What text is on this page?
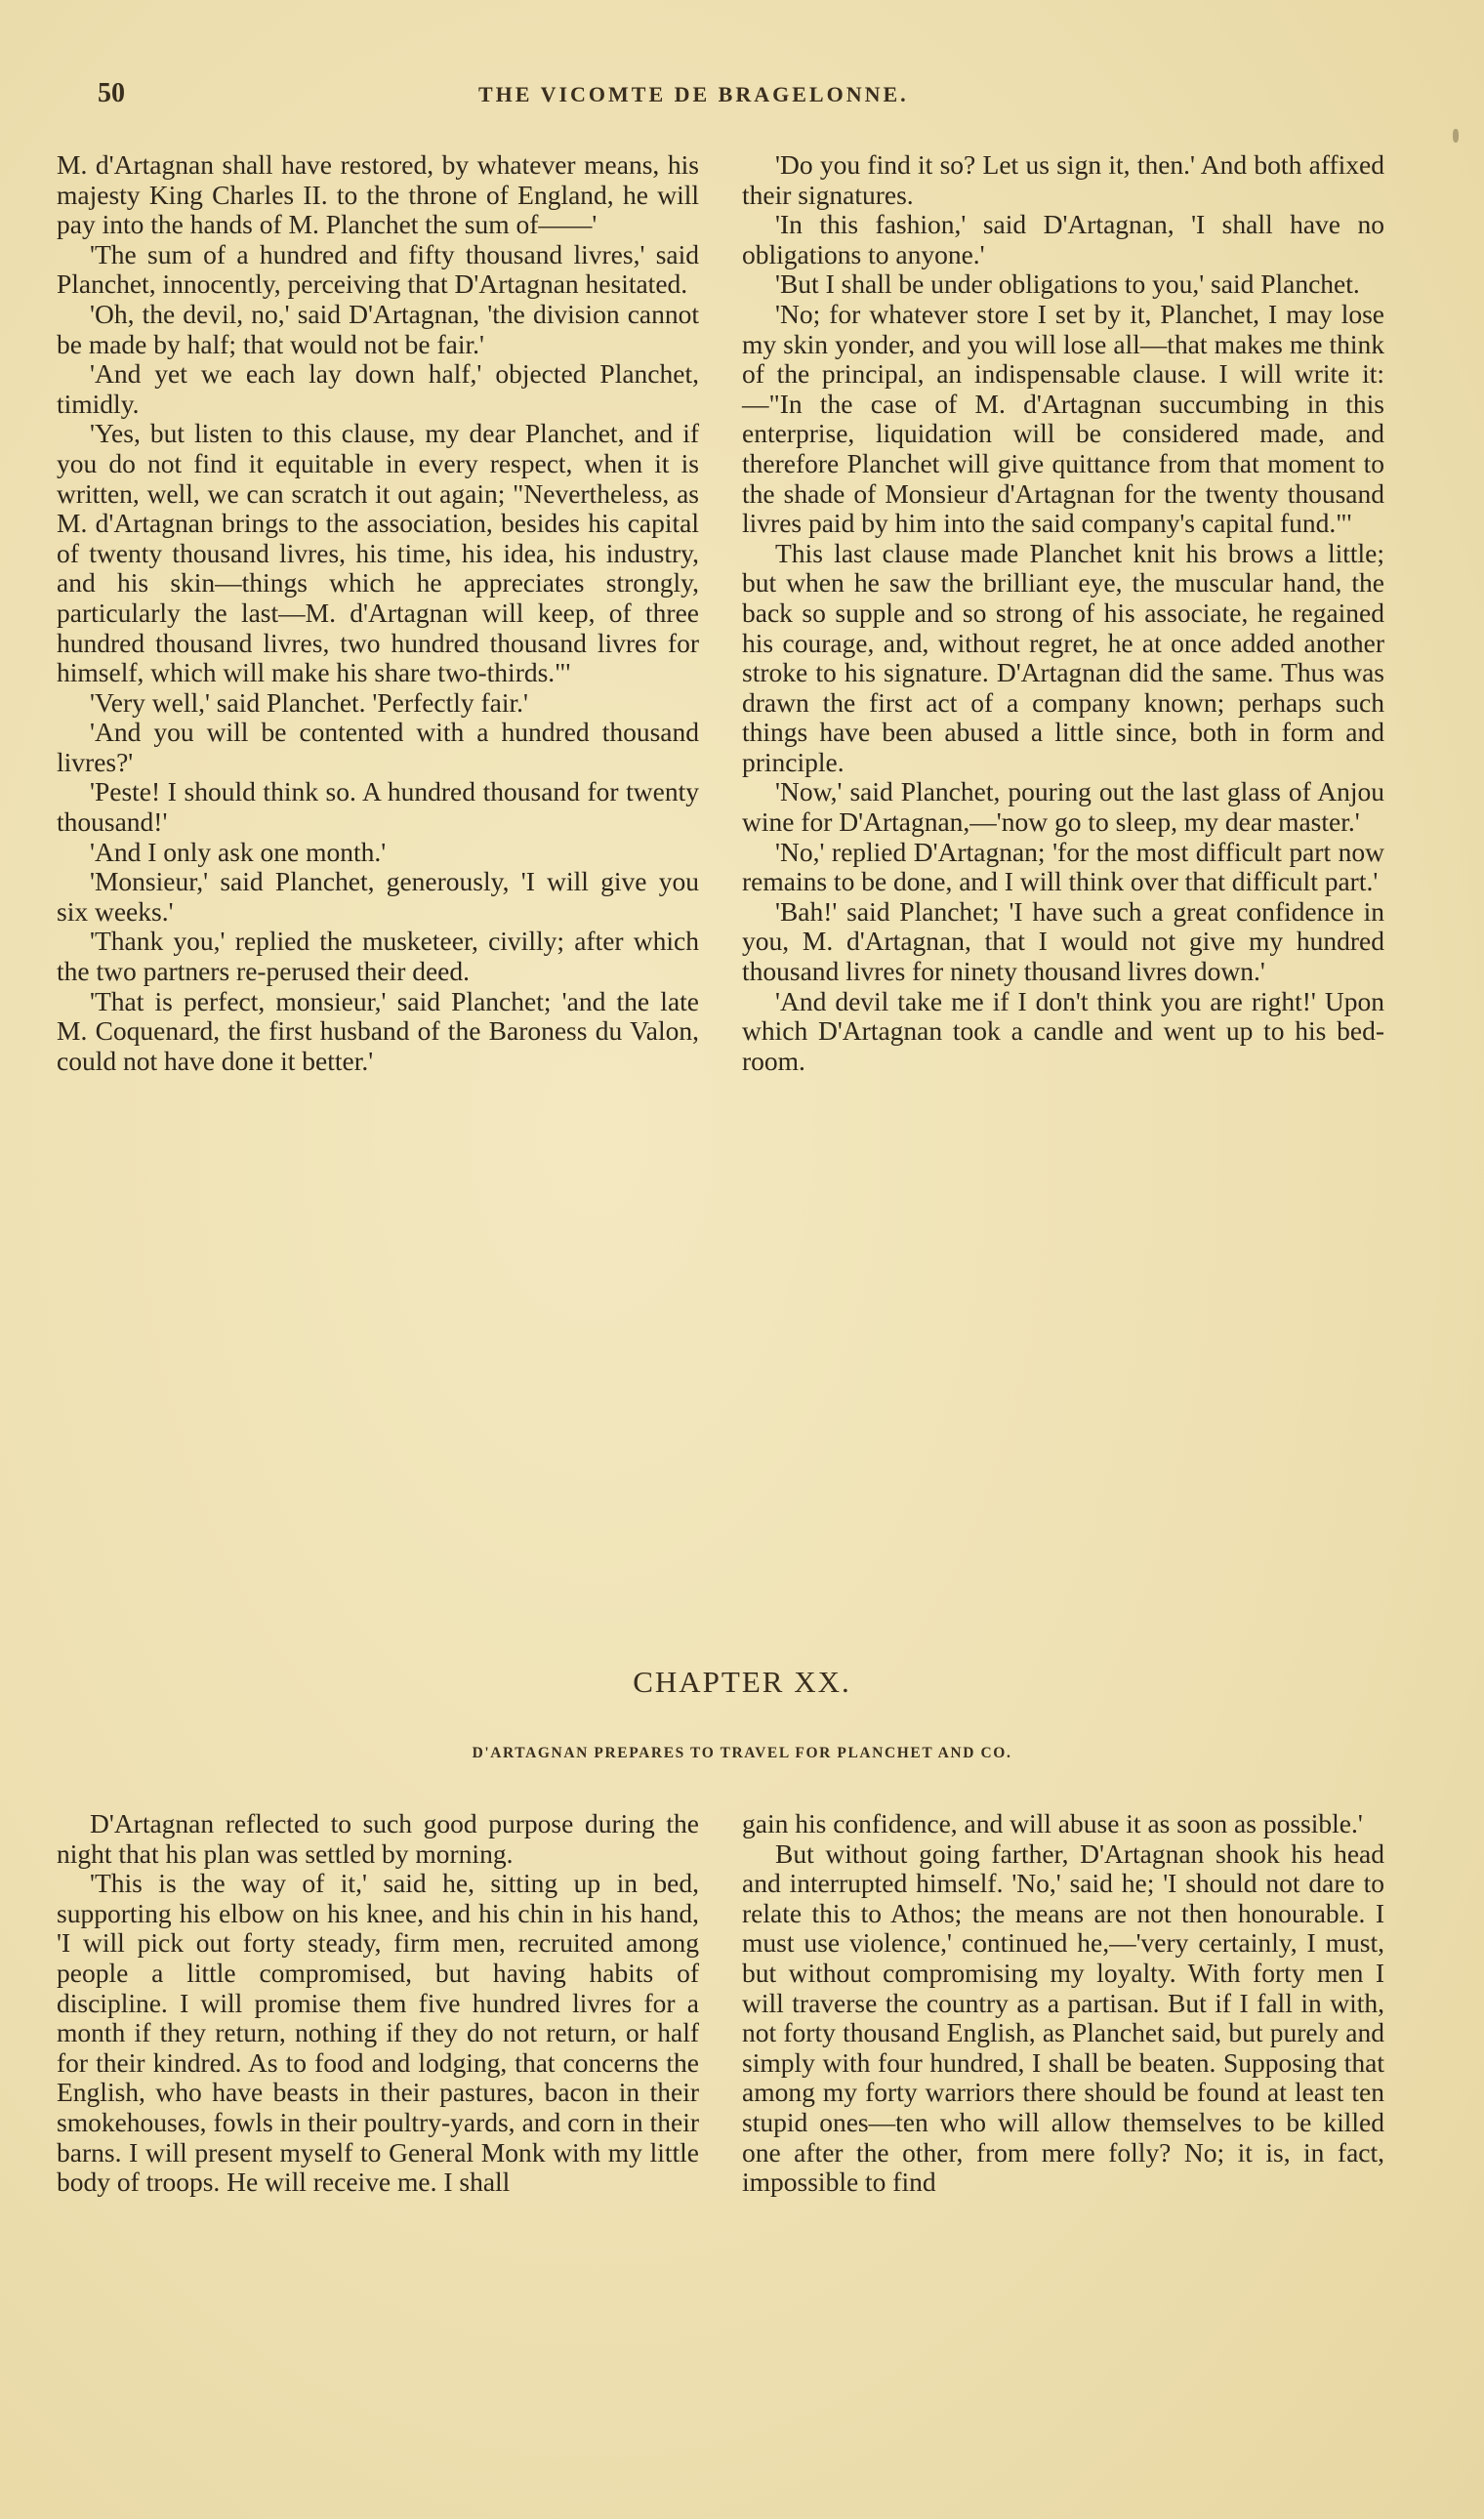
50	THE VICOMTE DE BRAGELONNE.

M. d'Artagnan shall have restored, by whatever means, his majesty King Charles II. to the throne of England, he will pay into the hands of M. Planchet the sum of——'

'The sum of a hundred and fifty thousand livres,' said Planchet, innocently, perceiving that D'Artagnan hesitated.

'Oh, the devil, no,' said D'Artagnan, 'the division cannot be made by half; that would not be fair.'

'And yet we each lay down half,' objected Planchet, timidly.

'Yes, but listen to this clause, my dear Planchet, and if you do not find it equitable in every respect, when it is written, well, we can scratch it out again; "Nevertheless, as M. d'Artagnan brings to the association, besides his capital of twenty thousand livres, his time, his idea, his industry, and his skin—things which he appreciates strongly, particularly the last—M. d'Artagnan will keep, of three hundred thousand livres, two hundred thousand livres for himself, which will make his share two-thirds."'

'Very well,' said Planchet. 'Perfectly fair.'

'And you will be contented with a hundred thousand livres?'

'Peste! I should think so. A hundred thousand for twenty thousand!'

'And I only ask one month.'

'Monsieur,' said Planchet, generously, 'I will give you six weeks.'

'Thank you,' replied the musketeer, civilly; after which the two partners re-perused their deed.

'That is perfect, monsieur,' said Planchet; 'and the late M. Coquenard, the first husband of the Baroness du Valon, could not have done it better.'

'Do you find it so? Let us sign it, then.' And both affixed their signatures.

'In this fashion,' said D'Artagnan, 'I shall have no obligations to anyone.'

'But I shall be under obligations to you,' said Planchet.

'No; for whatever store I set by it, Planchet, I may lose my skin yonder, and you will lose all—that makes me think of the principal, an indispensable clause. I will write it:—"In the case of M. d'Artagnan succumbing in this enterprise, liquidation will be considered made, and therefore Planchet will give quittance from that moment to the shade of Monsieur d'Artagnan for the twenty thousand livres paid by him into the said company's capital fund."'

This last clause made Planchet knit his brows a little; but when he saw the brilliant eye, the muscular hand, the back so supple and so strong of his associate, he regained his courage, and, without regret, he at once added another stroke to his signature. D'Artagnan did the same. Thus was drawn the first act of a company known; perhaps such things have been abused a little since, both in form and principle.

'Now,' said Planchet, pouring out the last glass of Anjou wine for D'Artagnan,—'now go to sleep, my dear master.'

'No,' replied D'Artagnan; 'for the most difficult part now remains to be done, and I will think over that difficult part.'

'Bah!' said Planchet; 'I have such a great confidence in you, M. d'Artagnan, that I would not give my hundred thousand livres for ninety thousand livres down.'

'And devil take me if I don't think you are right!' Upon which D'Artagnan took a candle and went up to his bed-room.

CHAPTER XX.
D'ARTAGNAN PREPARES TO TRAVEL FOR PLANCHET AND CO.

D'Artagnan reflected to such good purpose during the night that his plan was settled by morning.

'This is the way of it,' said he, sitting up in bed, supporting his elbow on his knee, and his chin in his hand, 'I will pick out forty steady, firm men, recruited among people a little compromised, but having habits of discipline. I will promise them five hundred livres for a month if they return, nothing if they do not return, or half for their kindred. As to food and lodging, that concerns the English, who have beasts in their pastures, bacon in their smokehouses, fowls in their poultry-yards, and corn in their barns. I will present myself to General Monk with my little body of troops. He will receive me. I shall

gain his confidence, and will abuse it as soon as possible.'

But without going farther, D'Artagnan shook his head and interrupted himself. 'No,' said he; 'I should not dare to relate this to Athos; the means are not then honourable. I must use violence,' continued he,—'very certainly, I must, but without compromising my loyalty. With forty men I will traverse the country as a partisan. But if I fall in with, not forty thousand English, as Planchet said, but purely and simply with four hundred, I shall be beaten. Supposing that among my forty warriors there should be found at least ten stupid ones—ten who will allow themselves to be killed one after the other, from mere folly? No; it is, in fact, impossible to find
